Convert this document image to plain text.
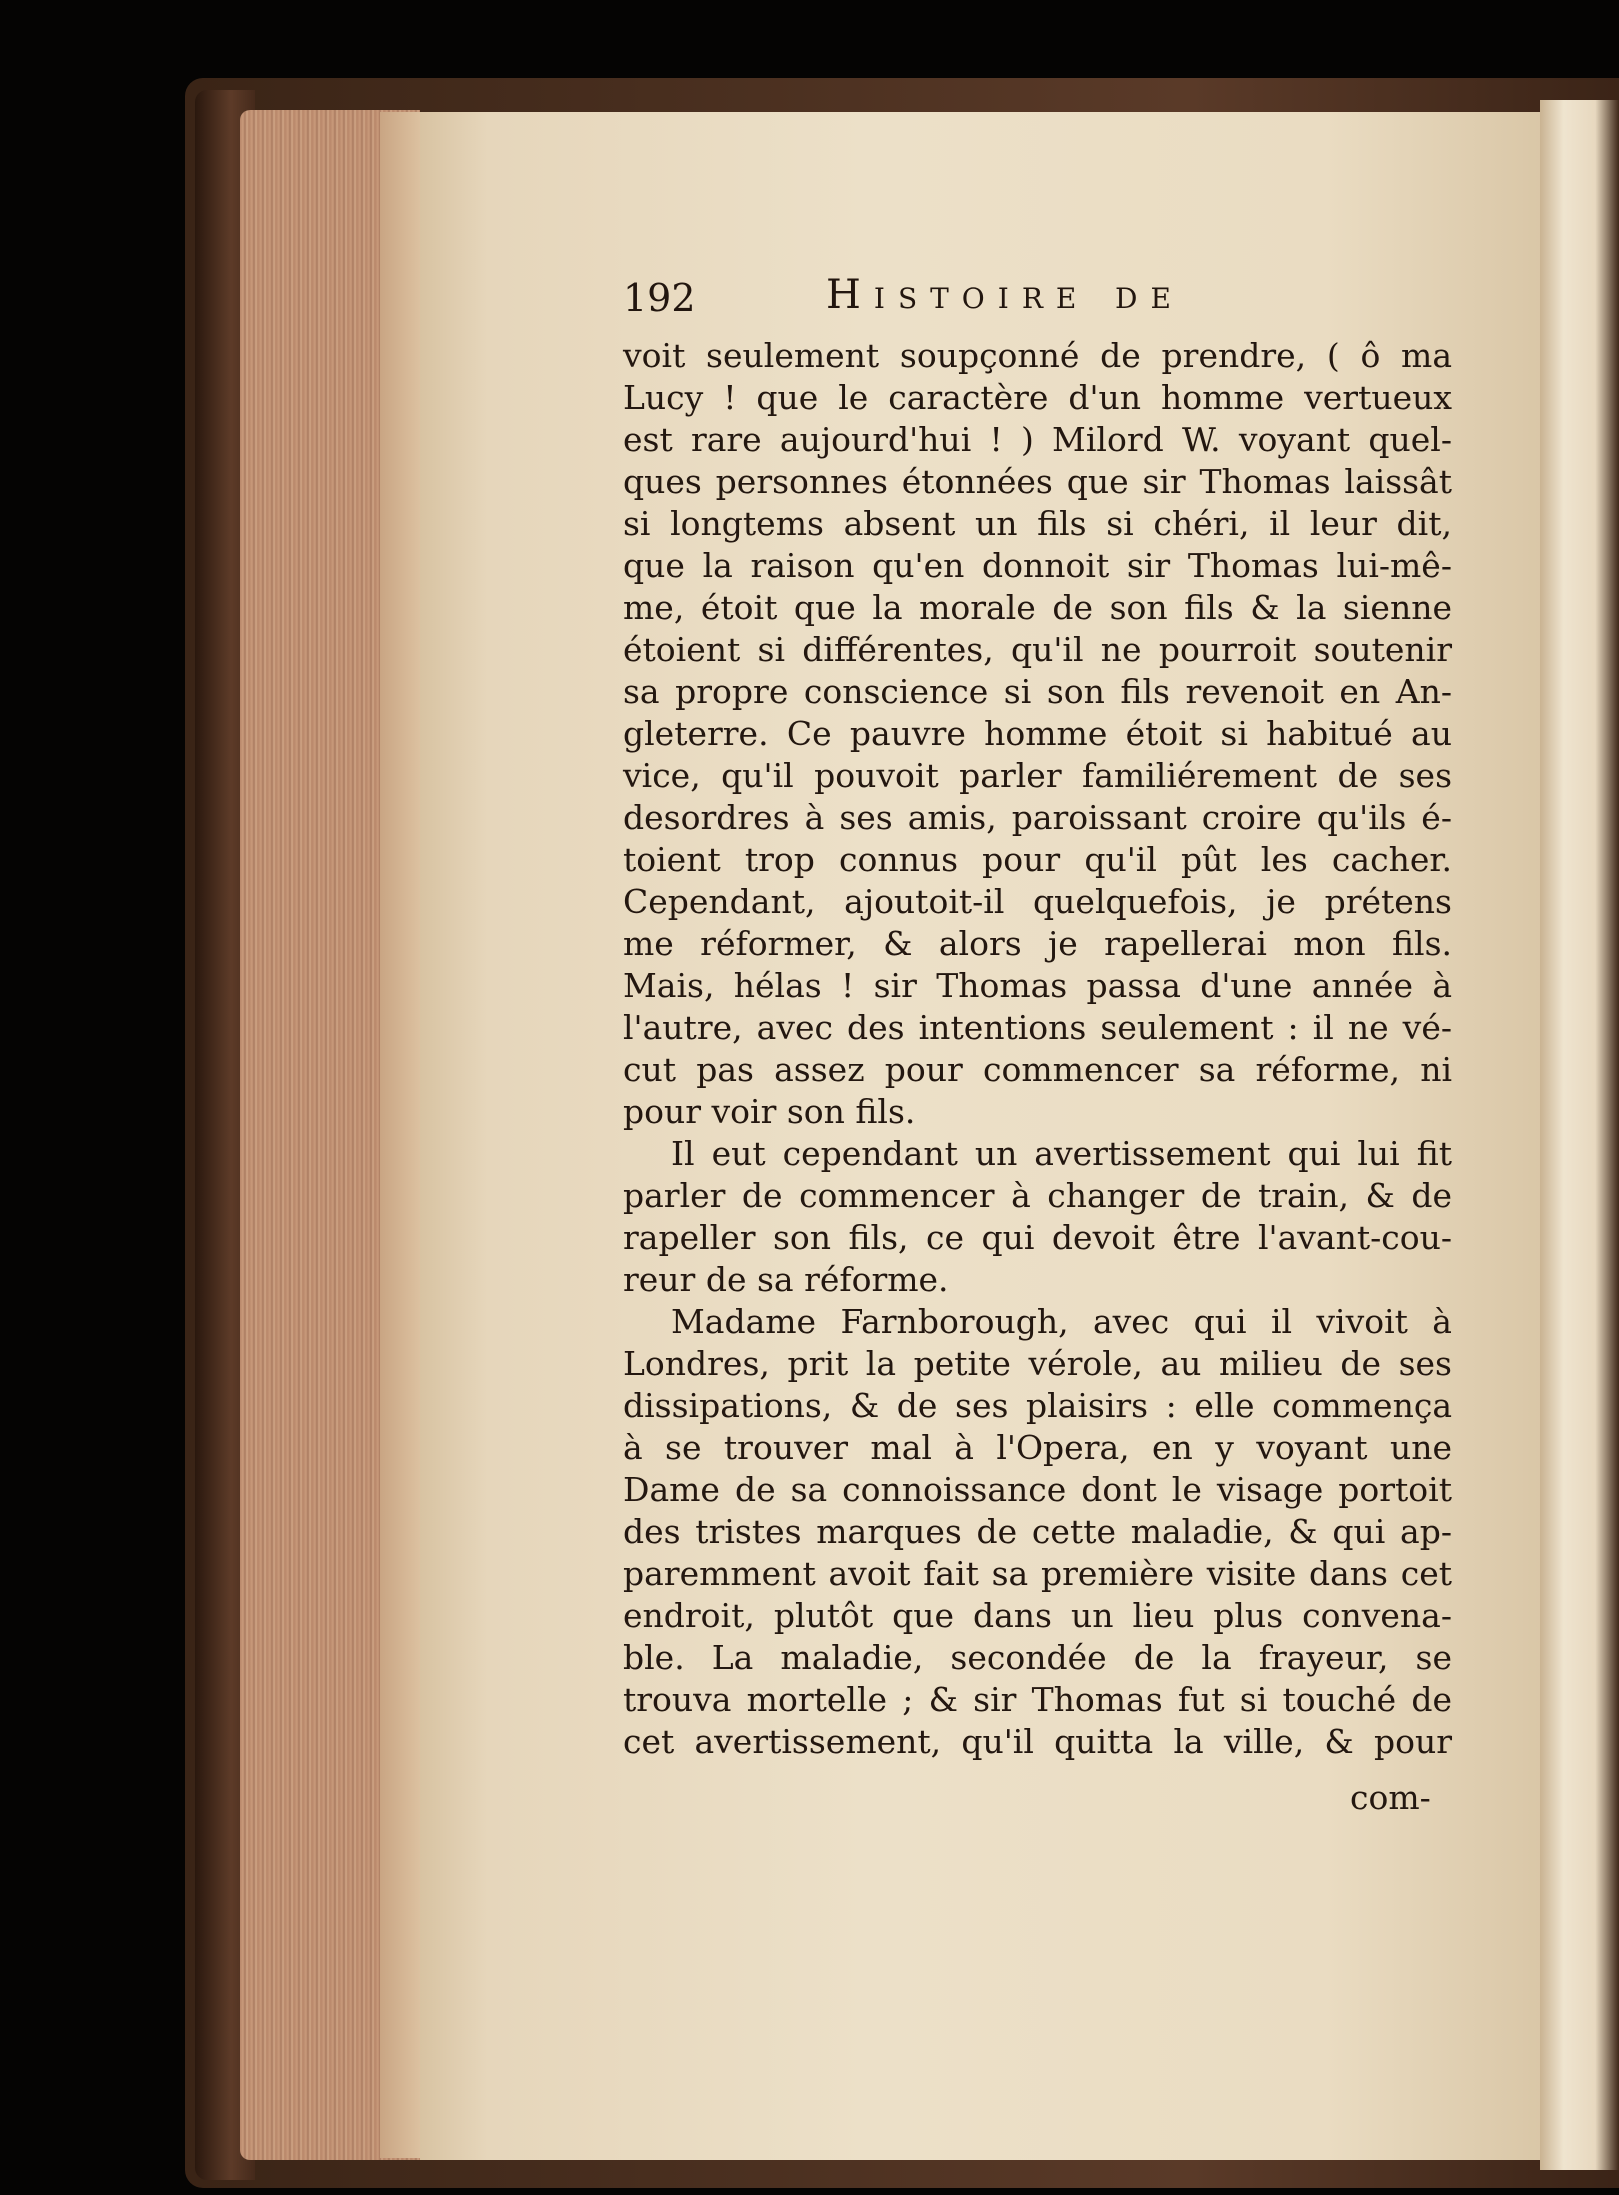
192	Histoire de
voit seulement soupçonné de prendre, ( ô ma
Lucy ! que le caractère d'un homme vertueux
est rare aujourd'hui ! ) Milord W. voyant quel-
ques personnes étonnées que sir Thomas laissât
si longtems absent un fils si chéri, il leur dit,
que la raison qu'en donnoit sir Thomas lui-mê-
me, étoit que la morale de son fils & la sienne
étoient si différentes, qu'il ne pourroit soutenir
sa propre conscience si son fils revenoit en An-
gleterre. Ce pauvre homme étoit si habitué au
vice, qu'il pouvoit parler familiérement de ses
desordres à ses amis, paroissant croire qu'ils é-
toient trop connus pour qu'il pût les cacher.
Cependant, ajoutoit-il quelquefois, je prétens
me réformer, & alors je rapellerai mon fils.
Mais, hélas ! sir Thomas passa d'une année à
l'autre, avec des intentions seulement : il ne vé-
cut pas assez pour commencer sa réforme, ni
pour voir son fils.
Il eut cependant un avertissement qui lui fit
parler de commencer à changer de train, & de
rapeller son fils, ce qui devoit être l'avant-cou-
reur de sa réforme.
Madame Farnborough, avec qui il vivoit à
Londres, prit la petite vérole, au milieu de ses
dissipations, & de ses plaisirs : elle commença
à se trouver mal à l'Opera, en y voyant une
Dame de sa connoissance dont le visage portoit
des tristes marques de cette maladie, & qui ap-
paremment avoit fait sa première visite dans cet
endroit, plutôt que dans un lieu plus convena-
ble. La maladie, secondée de la frayeur, se
trouva mortelle ; & sir Thomas fut si touché de
cet avertissement, qu'il quitta la ville, & pour
com-
